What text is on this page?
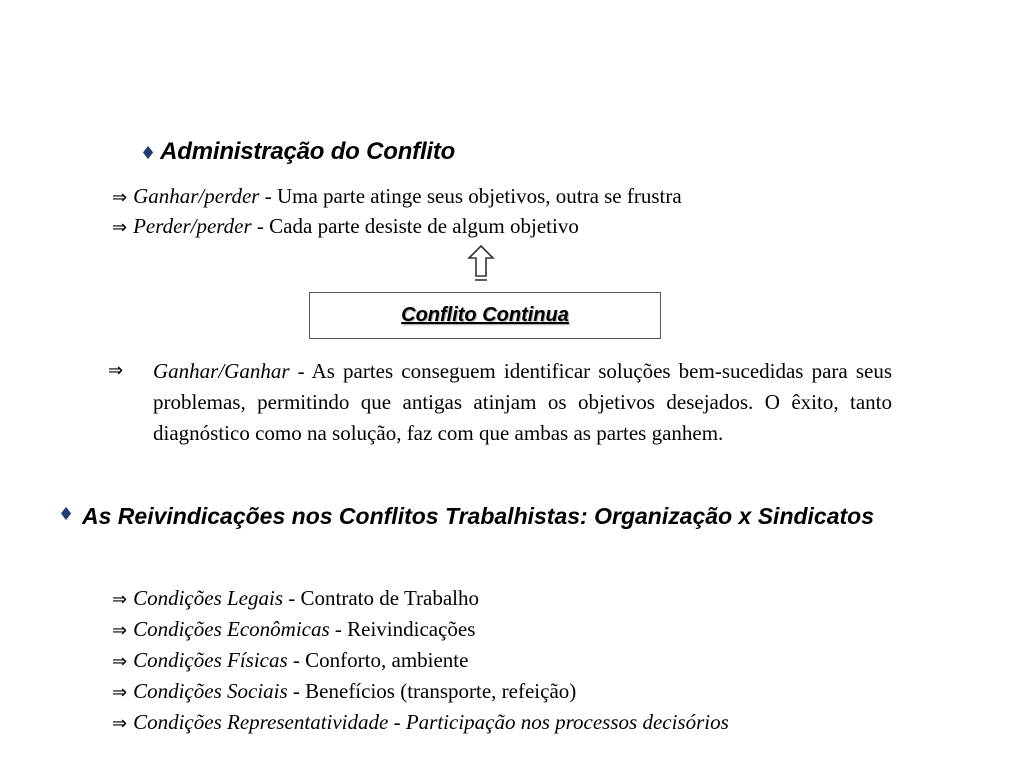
♦ Administração do Conflito
⇒ Ganhar/perder - Uma parte atinge seus objetivos, outra se frustra
⇒ Perder/perder - Cada parte desiste de algum objetivo
Conflito Continua
⇒ Ganhar/Ganhar - As partes conseguem identificar soluções bem-sucedidas para seus problemas, permitindo que antigas atinjam os objetivos desejados. O êxito, tanto diagnóstico como na solução, faz com que ambas as partes ganhem.
♦ As Reivindicações nos Conflitos Trabalhistas: Organização x Sindicatos
⇒ Condições Legais - Contrato de Trabalho
⇒ Condições Econômicas - Reivindicações
⇒ Condições Físicas - Conforto, ambiente
⇒ Condições Sociais - Benefícios (transporte, refeição)
⇒ Condições Representatividade - Participação nos processos decisórios
